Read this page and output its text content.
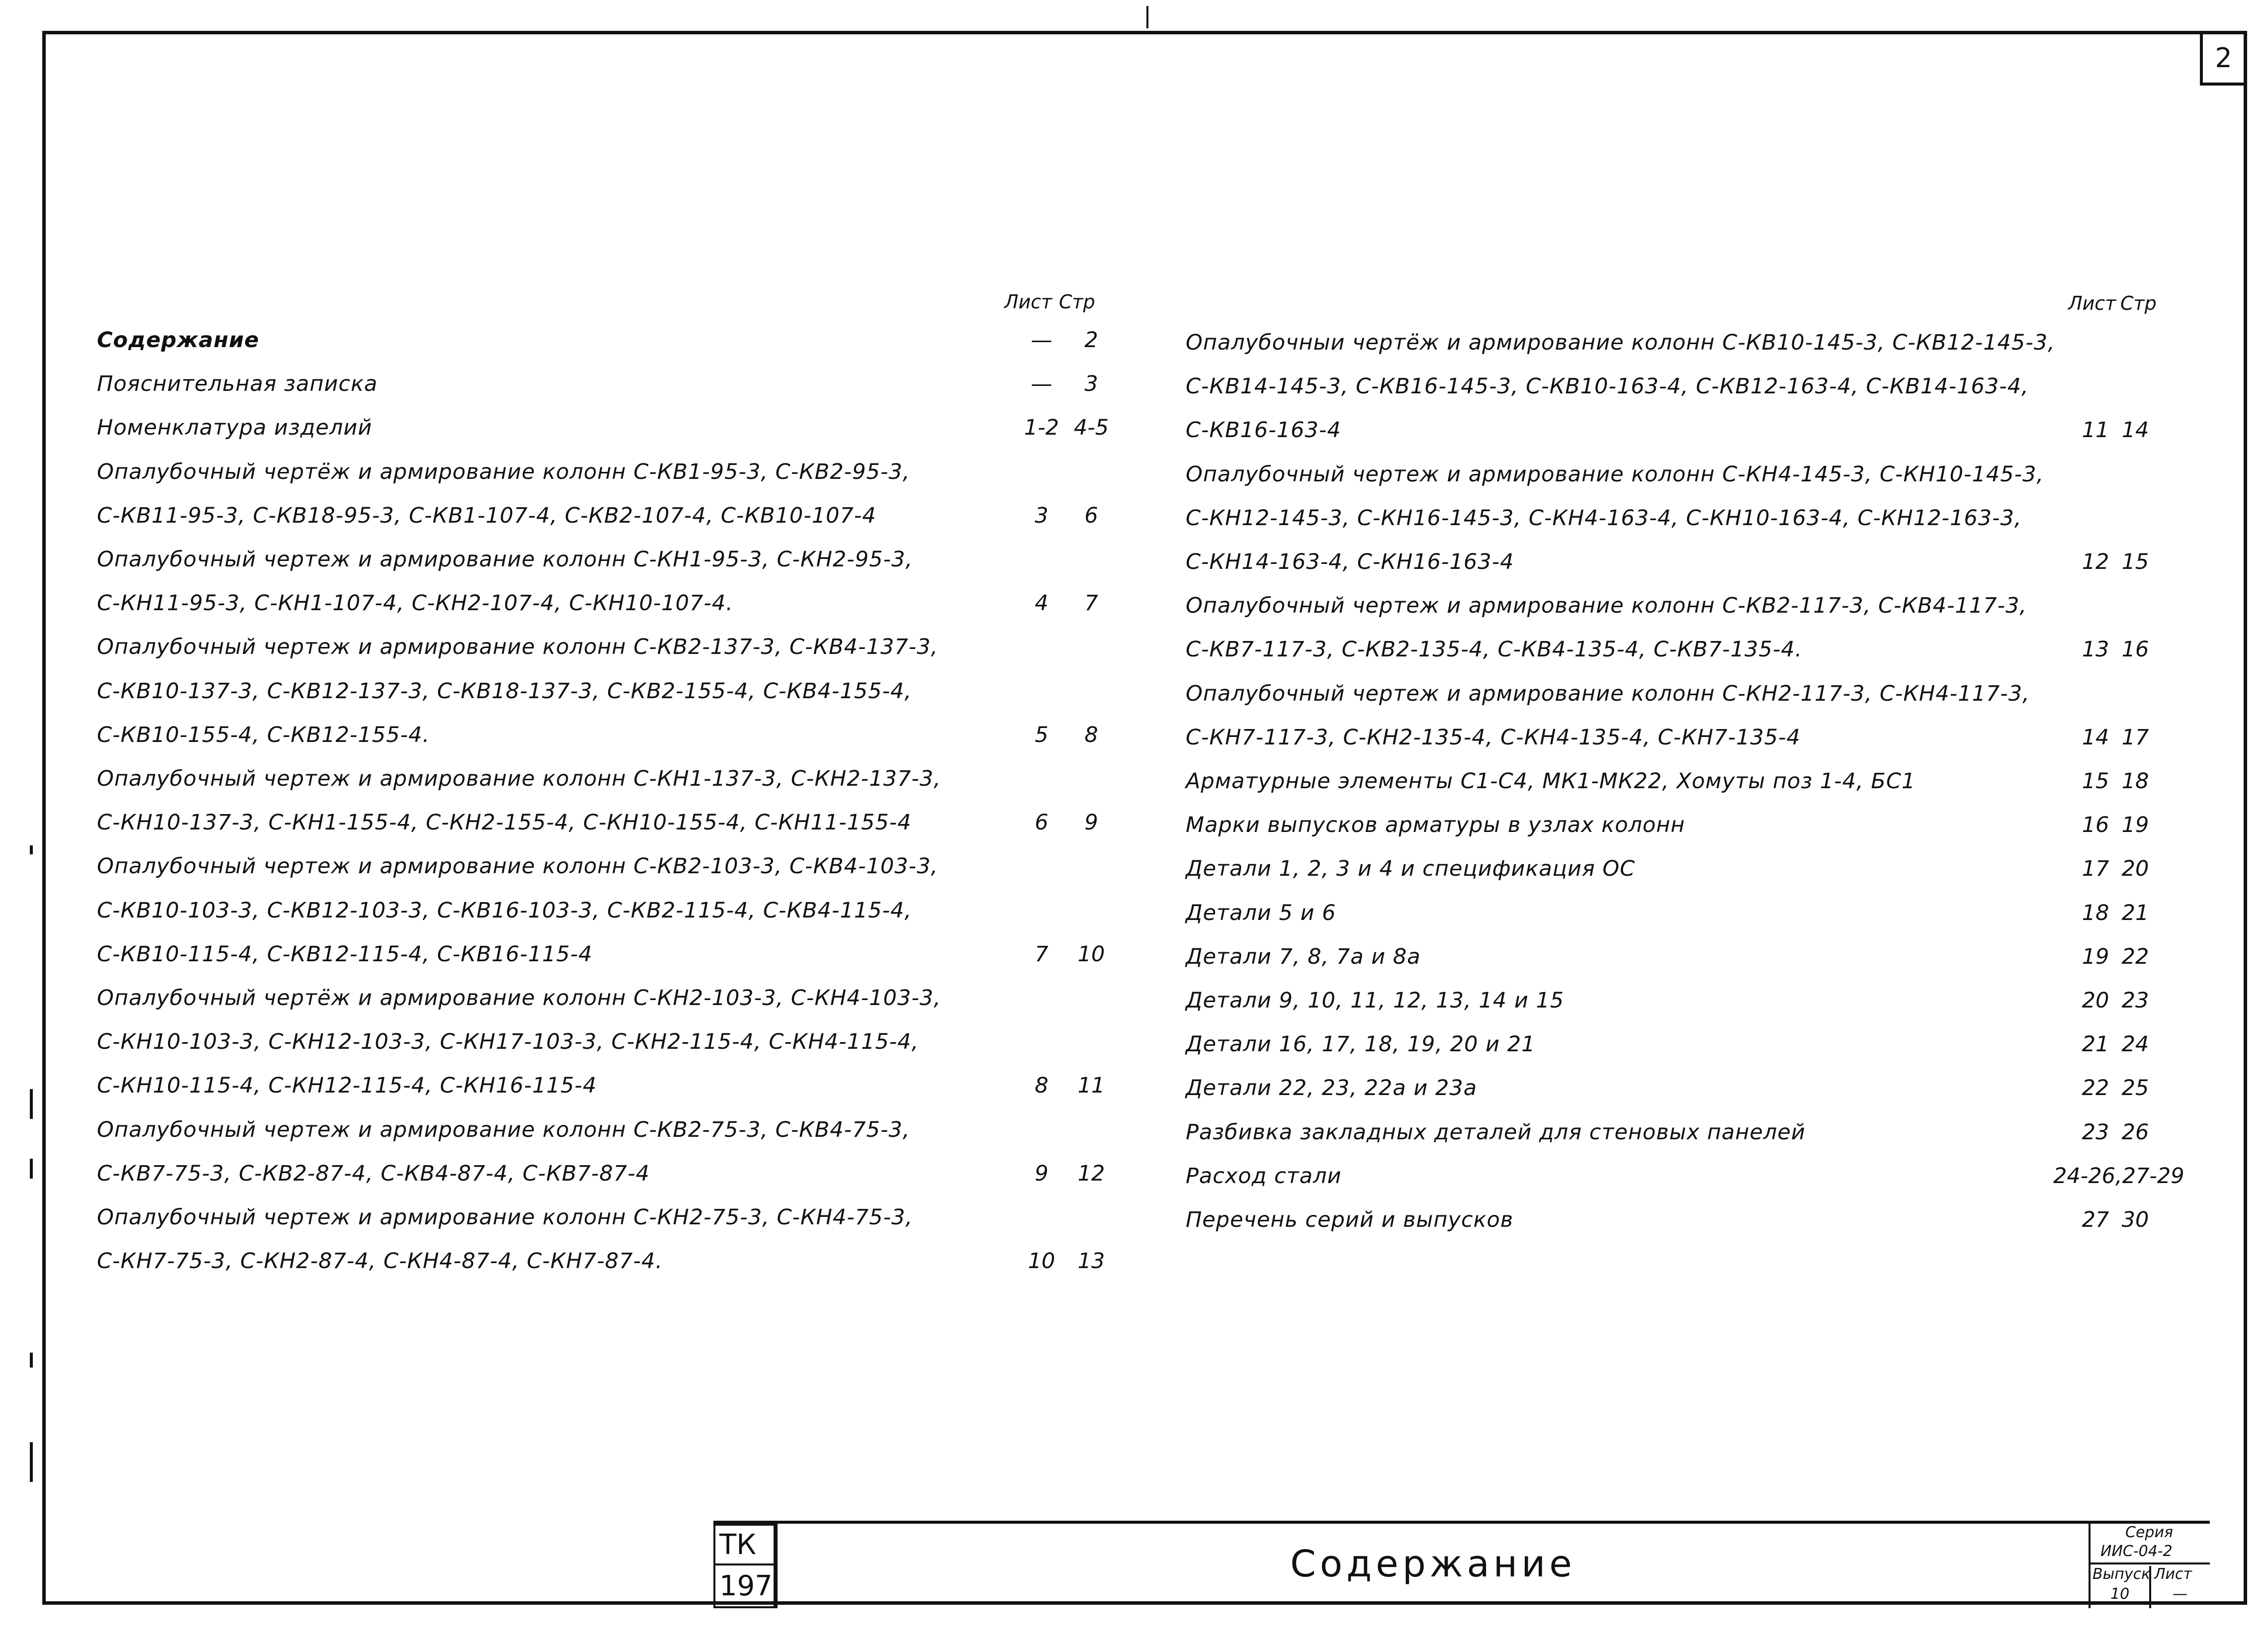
2
Лист Стр
Содержание	—	2
Пояснительная записка	—	3
Номенклатура изделий	1-2 4-5
Опалубочный чертёж и армирование колонн С-КВ1-95-3, С-КВ2-95-3,
С-КВ11-95-3, С-КВ18-95-3, С-КВ1-107-4, С-КВ2-107-4, С-КВ10-107-4	3	6
Опалубочный чертеж и армирование колонн С-КН1-95-3, С-КН2-95-3,
С-КН11-95-3, С-КН1-107-4, С-КН2-107-4, С-КН10-107-4.	4	7
Опалубочный чертеж и армирование колонн С-КВ2-137-3, С-КВ4-137-3,
С-КВ10-137-3, С-КВ12-137-3, С-КВ18-137-3, С-КВ2-155-4, С-КВ4-155-4,
С-КВ10-155-4, С-КВ12-155-4.	5	8
Опалубочный чертеж и армирование колонн С-КН1-137-3, С-КН2-137-3,
С-КН10-137-3, С-КН1-155-4, С-КН2-155-4, С-КН10-155-4, С-КН11-155-4	6	9
Опалубочный чертеж и армирование колонн С-КВ2-103-3, С-КВ4-103-3,
С-КВ10-103-3, С-КВ12-103-3, С-КВ16-103-3, С-КВ2-115-4, С-КВ4-115-4,
С-КВ10-115-4, С-КВ12-115-4, С-КВ16-115-4	7	10
Опалубочный чертёж и армирование колонн С-КН2-103-3, С-КН4-103-3,
С-КН10-103-3, С-КН12-103-3, С-КН17-103-3, С-КН2-115-4, С-КН4-115-4,
С-КН10-115-4, С-КН12-115-4, С-КН16-115-4	8	11
Опалубочный чертеж и армирование колонн С-КВ2-75-3, С-КВ4-75-3,
С-КВ7-75-3, С-КВ2-87-4, С-КВ4-87-4, С-КВ7-87-4	9	12
Опалубочный чертеж и армирование колонн С-КН2-75-3, С-КН4-75-3,
С-КН7-75-3, С-КН2-87-4, С-КН4-87-4, С-КН7-87-4.	10	13
Лист Стр
Опалубочныи чертёж и армирование колонн С-КВ10-145-3, С-КВ12-145-3,
С-КВ14-145-3, С-КВ16-145-3, С-КВ10-163-4, С-КВ12-163-4, С-КВ14-163-4,
С-КВ16-163-4	11 14
Опалубочный чертеж и армирование колонн С-КН4-145-3, С-КН10-145-3,
С-КН12-145-3, С-КН16-145-3, С-КН4-163-4, С-КН10-163-4, С-КН12-163-3,
С-КН14-163-4, С-КН16-163-4	12 15
Опалубочный чертеж и армирование колонн С-КВ2-117-3, С-КВ4-117-3,
С-КВ7-117-3, С-КВ2-135-4, С-КВ4-135-4, С-КВ7-135-4.	13 16
Опалубочный чертеж и армирование колонн С-КН2-117-3, С-КН4-117-3,
С-КН7-117-3, С-КН2-135-4, С-КН4-135-4, С-КН7-135-4	14 17
Арматурные элементы С1-С4, МК1-МК22, Хомуты поз 1-4, БС1	15 18
Марки выпусков арматуры в узлах колонн	16 19
Детали 1, 2, 3 и 4 и спецификация ОС	17 20
Детали 5 и 6	18 21
Детали 7, 8, 7а и 8а	19 22
Детали 9, 10, 11, 12, 13, 14 и 15	20 23
Детали 16, 17, 18, 19, 20 и 21	21 24
Детали 22, 23, 22а и 23а	22 25
Разбивка закладных деталей для стеновых панелей	23 26
Расход стали	24-26,27-29
Перечень серий и выпусков	27 30
ТК
197
Содержание
Серия
ИИС-04-2
Выпуск
10
Лист
—
